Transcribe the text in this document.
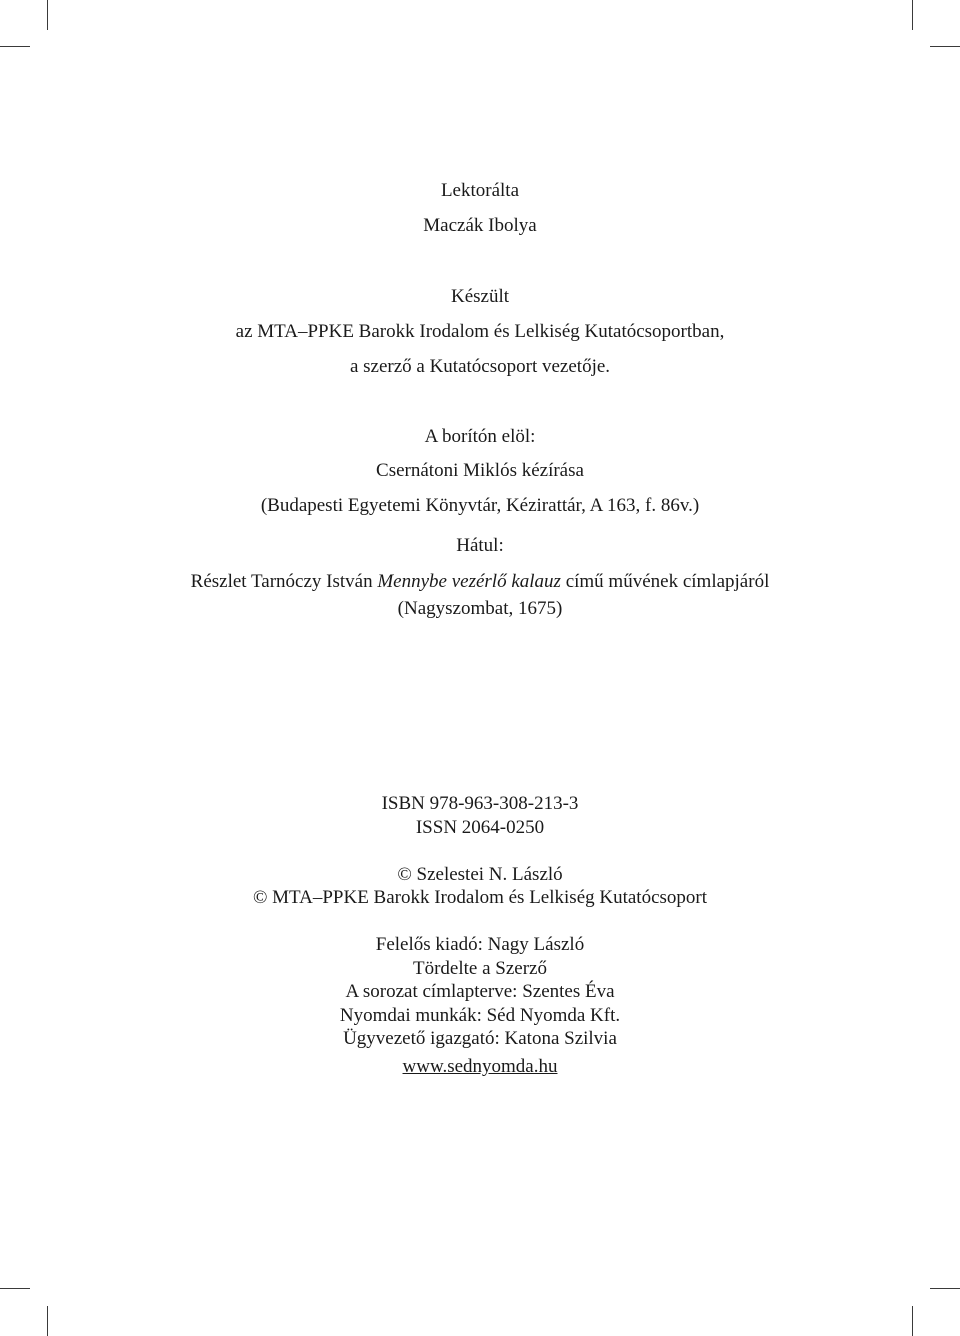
Lektorálta
Maczák Ibolya
Készült
az MTA–PPKE Barokk Irodalom és Lelkiség Kutatócsoportban,
a szerző a Kutatócsoport vezetője.
A borítón elöl:
Csernátoni Miklós kézírása
(Budapesti Egyetemi Könyvtár, Kézirattár, A 163, f. 86v.)
Hátul:
Részlet Tarnóczy István Mennybe vezérlő kalauz című művének címlapjáról
(Nagyszombat, 1675)
ISBN 978-963-308-213-3
ISSN 2064-0250
© Szelestei N. László
© MTA–PPKE Barokk Irodalom és Lelkiség Kutatócsoport
Felelős kiadó: Nagy László
Tördelte a Szerző
A sorozat címlapterve: Szentes Éva
Nyomdai munkák: Séd Nyomda Kft.
Ügyvezető igazgató: Katona Szilvia
www.sednyomda.hu
